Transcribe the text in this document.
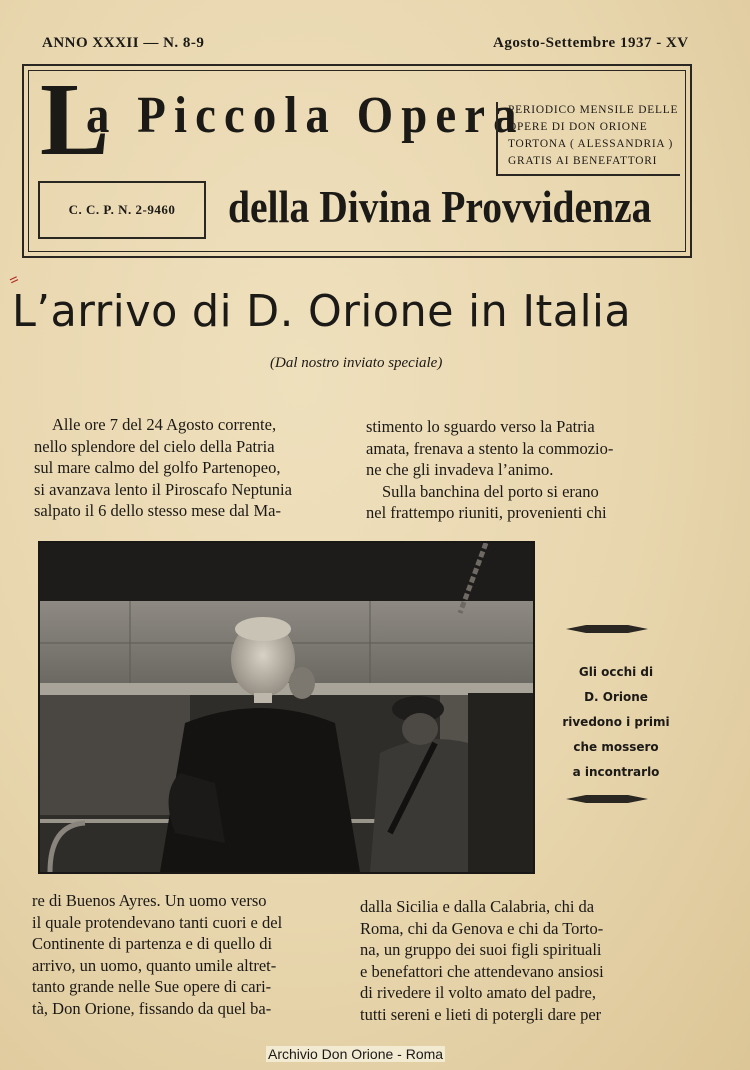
ANNO XXXII — N. 8-9	Agosto-Settembre 1937 - XV
L
a Piccola Opera
PERIODICO MENSILE DELLE
OPERE DI DON ORIONE
TORTONA ( ALESSANDRIA )
GRATIS AI BENEFATTORI
C. C. P. N. 2-9460	della Divina Provvidenza
=
L’arrivo di D. Orione in Italia
(Dal nostro inviato speciale)
Alle ore 7 del 24 Agosto corrente,
nello splendore del cielo della Patria
sul mare calmo del golfo Partenopeo,
si avanzava lento il Piroscafo Neptunia
salpato il 6 dello stesso mese dal Ma-
stimento lo sguardo verso la Patria
amata, frenava a stento la commozio-
ne che gli invadeva l’animo.
Sulla banchina del porto si erano
nel frattempo riuniti, provenienti chi
Gli occhi di
D. Orione
rivedono i primi
che mossero
a incontrarlo
re di Buenos Ayres. Un uomo verso
il quale protendevano tanti cuori e del
Continente di partenza e di quello di
arrivo, un uomo, quanto umile altret-
tanto grande nelle Sue opere di cari-
tà, Don Orione, fissando da quel ba-
dalla Sicilia e dalla Calabria, chi da
Roma, chi da Genova e chi da Torto-
na, un gruppo dei suoi figli spirituali
e benefattori che attendevano ansiosi
di rivedere il volto amato del padre,
tutti sereni e lieti di potergli dare per
Archivio Don Orione - Roma
